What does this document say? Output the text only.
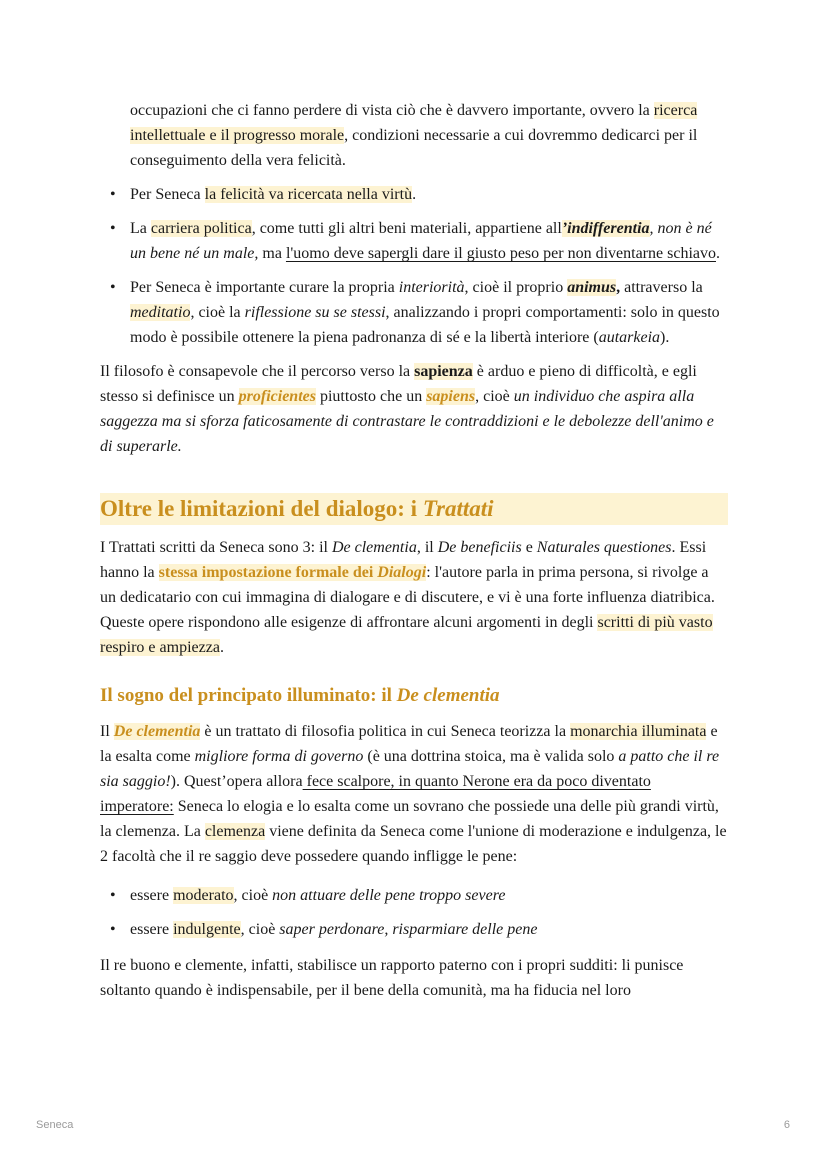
occupazioni che ci fanno perdere di vista ciò che è davvero importante, ovvero la ricerca intellettuale e il progresso morale, condizioni necessarie a cui dovremmo dedicarci per il conseguimento della vera felicità.

• Per Seneca la felicità va ricercata nella virtù.
• La carriera politica, come tutti gli altri beni materiali, appartiene all’indifferentia, non è né un bene né un male, ma l'uomo deve sapergli dare il giusto peso per non diventarne schiavo.
• Per Seneca è importante curare la propria interiorità, cioè il proprio animus, attraverso la meditatio, cioè la riflessione su se stessi, analizzando i propri comportamenti: solo in questo modo è possibile ottenere la piena padronanza di sé e la libertà interiore (autarkeia).

Il filosofo è consapevole che il percorso verso la sapienza è arduo e pieno di difficoltà, e egli stesso si definisce un proficientes piuttosto che un sapiens, cioè un individuo che aspira alla saggezza ma si sforza faticosamente di contrastare le contraddizioni e le debolezze dell'animo e di superarle.

Oltre le limitazioni del dialogo: i Trattati

I Trattati scritti da Seneca sono 3: il De clementia, il De beneficiis e Naturales questiones. Essi hanno la stessa impostazione formale dei Dialogi: l'autore parla in prima persona, si rivolge a un dedicatario con cui immagina di dialogare e di discutere, e vi è una forte influenza diatribica. Queste opere rispondono alle esigenze di affrontare alcuni argomenti in degli scritti di più vasto respiro e ampiezza.

Il sogno del principato illuminato: il De clementia

Il De clementia è un trattato di filosofia politica in cui Seneca teorizza la monarchia illuminata e la esalta come migliore forma di governo (è una dottrina stoica, ma è valida solo a patto che il re sia saggio!). Quest’opera allora fece scalpore, in quanto Nerone era da poco diventato imperatore: Seneca lo elogia e lo esalta come un sovrano che possiede una delle più grandi virtù, la clemenza. La clemenza viene definita da Seneca come l'unione di moderazione e indulgenza, le 2 facoltà che il re saggio deve possedere quando infligge le pene:

• essere moderato, cioè non attuare delle pene troppo severe
• essere indulgente, cioè saper perdonare, risparmiare delle pene

Il re buono e clemente, infatti, stabilisce un rapporto paterno con i propri sudditi: li punisce soltanto quando è indispensabile, per il bene della comunità, ma ha fiducia nel loro

Seneca	6
